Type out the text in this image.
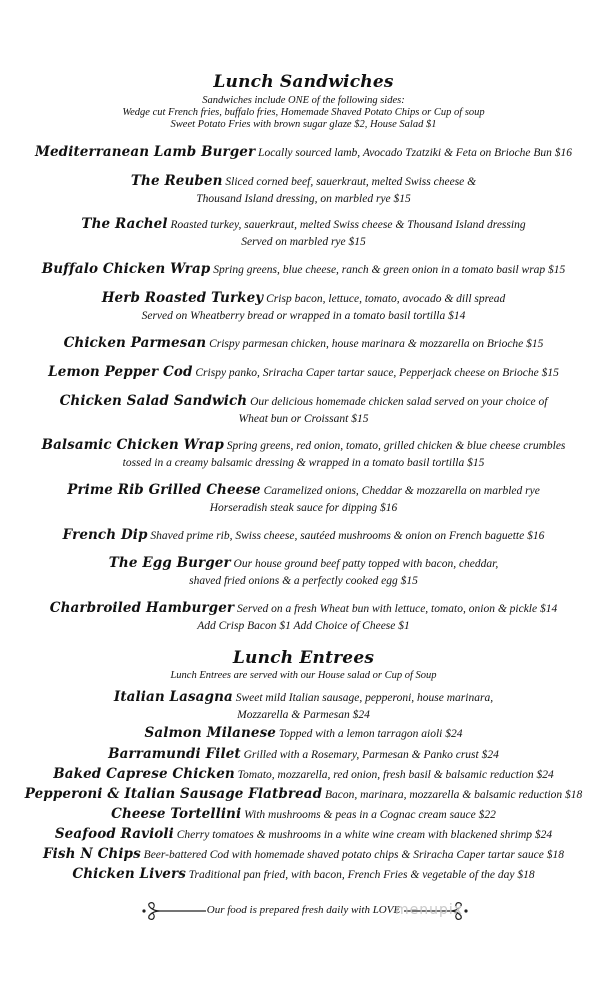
Lunch Sandwiches
Sandwiches include ONE of the following sides:
Wedge cut French fries, buffalo fries, Homemade Shaved Potato Chips or Cup of soup
Sweet Potato Fries with brown sugar glaze $2, House Salad $1
Mediterranean Lamb Burger Locally sourced lamb, Avocado Tzatziki & Feta on Brioche Bun $16
The Reuben Sliced corned beef, sauerkraut, melted Swiss cheese &
Thousand Island dressing, on marbled rye $15
The Rachel Roasted turkey, sauerkraut, melted Swiss cheese & Thousand Island dressing
Served on marbled rye $15
Buffalo Chicken Wrap Spring greens, blue cheese, ranch & green onion in a tomato basil wrap $15
Herb Roasted Turkey Crisp bacon, lettuce, tomato, avocado & dill spread
Served on Wheatberry bread or wrapped in a tomato basil tortilla $14
Chicken Parmesan Crispy parmesan chicken, house marinara & mozzarella on Brioche $15
Lemon Pepper Cod Crispy panko, Sriracha Caper tartar sauce, Pepperjack cheese on Brioche $15
Chicken Salad Sandwich Our delicious homemade chicken salad served on your choice of
Wheat bun or Croissant $15
Balsamic Chicken Wrap Spring greens, red onion, tomato, grilled chicken & blue cheese crumbles
tossed in a creamy balsamic dressing & wrapped in a tomato basil tortilla $15
Prime Rib Grilled Cheese Caramelized onions, Cheddar & mozzarella on marbled rye
Horseradish steak sauce for dipping $16
French Dip Shaved prime rib, Swiss cheese, sautéed mushrooms & onion on French baguette $16
The Egg Burger Our house ground beef patty topped with bacon, cheddar,
shaved fried onions & a perfectly cooked egg $15
Charbroiled Hamburger Served on a fresh Wheat bun with lettuce, tomato, onion & pickle $14
Add Crisp Bacon $1 Add Choice of Cheese $1
Lunch Entrees
Lunch Entrees are served with our House salad or Cup of Soup
Italian Lasagna Sweet mild Italian sausage, pepperoni, house marinara,
Mozzarella & Parmesan $24
Salmon Milanese Topped with a lemon tarragon aioli $24
Barramundi Filet Grilled with a Rosemary, Parmesan & Panko crust $24
Baked Caprese Chicken Tomato, mozzarella, red onion, fresh basil & balsamic reduction $24
Pepperoni & Italian Sausage Flatbread Bacon, marinara, mozzarella & balsamic reduction $18
Cheese Tortellini With mushrooms & peas in a Cognac cream sauce $22
Seafood Ravioli Cherry tomatoes & mushrooms in a white wine cream with blackened shrimp $24
Fish N Chips Beer-battered Cod with homemade shaved potato chips & Sriracha Caper tartar sauce $18
Chicken Livers Traditional pan fried, with bacon, French Fries & vegetable of the day $18
Our food is prepared fresh daily with LOVE
menupix
